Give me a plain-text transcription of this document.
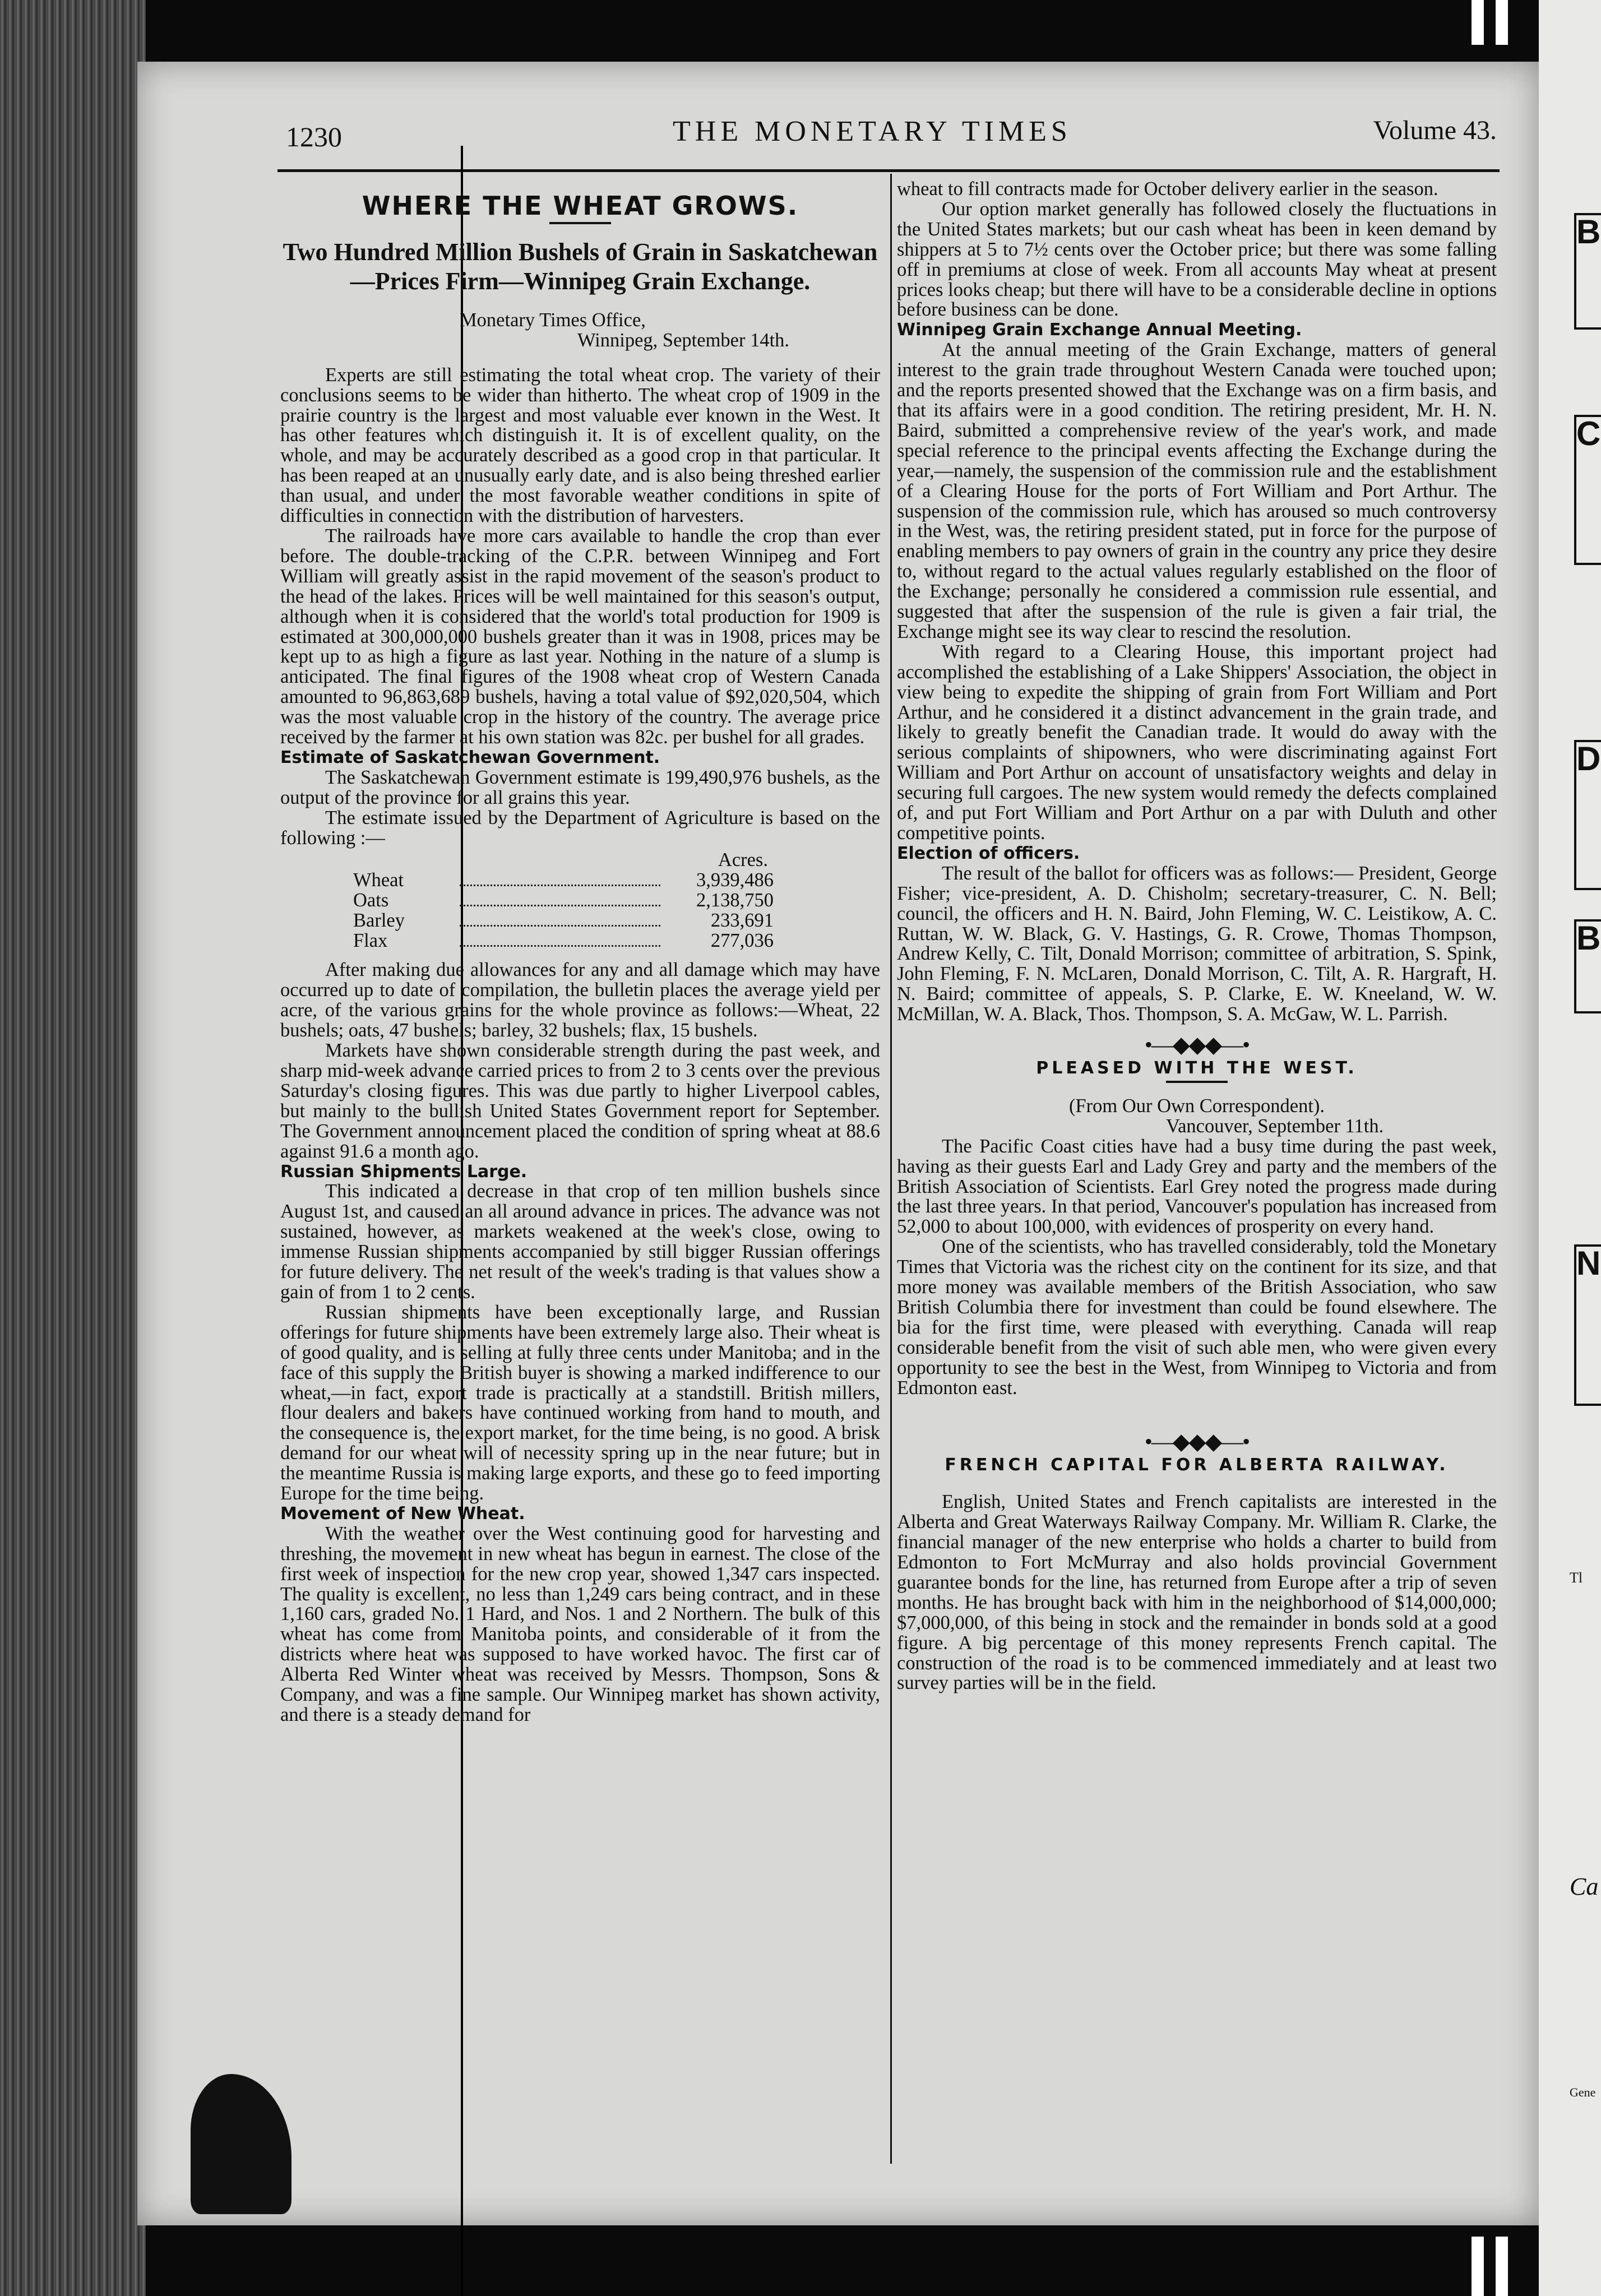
B
C
D
B
N
Tl
Ca
Gene
1230	THE MONETARY TIMES	Volume 43.
WHERE THE WHEAT GROWS.
Two Hundred Million Bushels of Grain in Saskatchewan —Prices Firm—Winnipeg Grain Exchange.

Monetary Times Office,

Winnipeg, September 14th.

Experts are still estimating the total wheat crop. The variety of their conclusions seems to be wider than hitherto. The wheat crop of 1909 in the prairie country is the largest and most valuable ever known in the West. It has other features which distinguish it. It is of excellent quality, on the whole, and may be accurately described as a good crop in that particular. It has been reaped at an unusually early date, and is also being threshed earlier than usual, and under the most favorable weather conditions in spite of difficulties in connection with the distribution of harvesters.

The railroads have more cars available to handle the crop than ever before. The double-tracking of the C.P.R. between Winnipeg and Fort William will greatly assist in the rapid movement of the season's product to the head of the lakes. Prices will be well maintained for this season's output, although when it is considered that the world's total production for 1909 is estimated at 300,000,000 bushels greater than it was in 1908, prices may be kept up to as high a figure as last year. Nothing in the nature of a slump is anticipated. The final figures of the 1908 wheat crop of Western Canada amounted to 96,863,689 bushels, having a total value of $92,020,504, which was the most valuable crop in the history of the country. The average price received by the farmer at his own station was 82c. per bushel for all grades.

Estimate of Saskatchewan Government.

The Saskatchewan Government estimate is 199,490,976 bushels, as the output of the province for all grains this year.

The estimate issued by the Department of Agriculture is based on the following :—

Acres.
Wheat	3,939,486
Oats	2,138,750
Barley	233,691
Flax	277,036

After making due allowances for any and all damage which may have occurred up to date of compilation, the bulletin places the average yield per acre, of the various grains for the whole province as follows:—Wheat, 22 bushels; oats, 47 bushels; barley, 32 bushels; flax, 15 bushels.

Markets have shown considerable strength during the past week, and sharp mid-week advance carried prices to from 2 to 3 cents over the previous Saturday's closing figures. This was due partly to higher Liverpool cables, but mainly to the bullish United States Government report for September. The Government announcement placed the condition of spring wheat at 88.6 against 91.6 a month ago.

Russian Shipments Large.

This indicated a decrease in that crop of ten million bushels since August 1st, and caused an all around advance in prices. The advance was not sustained, however, as markets weakened at the week's close, owing to immense Russian shipments accompanied by still bigger Russian offerings for future delivery. The net result of the week's trading is that values show a gain of from 1 to 2 cents.

Russian shipments have been exceptionally large, and Russian offerings for future shipments have been extremely large also. Their wheat is of good quality, and is selling at fully three cents under Manitoba; and in the face of this supply the British buyer is showing a marked indifference to our wheat,—in fact, export trade is practically at a standstill. British millers, flour dealers and bakers have continued working from hand to mouth, and the consequence is, the export market, for the time being, is no good. A brisk demand for our wheat will of necessity spring up in the near future; but in the meantime Russia is making large exports, and these go to feed importing Europe for the time being.

Movement of New Wheat.

With the weather over the West continuing good for harvesting and threshing, the movement in new wheat has begun in earnest. The close of the first week of inspection for the new crop year, showed 1,347 cars inspected. The quality is excellent, no less than 1,249 cars being contract, and in these 1,160 cars, graded No. 1 Hard, and Nos. 1 and 2 Northern. The bulk of this wheat has come from Manitoba points, and considerable of it from the districts where heat was supposed to have worked havoc. The first car of Alberta Red Winter wheat was received by Messrs. Thompson, Sons & Company, and was a fine sample. Our Winnipeg market has shown activity, and there is a steady demand for

wheat to fill contracts made for October delivery earlier in the season.

Our option market generally has followed closely the fluctuations in the United States markets; but our cash wheat has been in keen demand by shippers at 5 to 7½ cents over the October price; but there was some falling off in premiums at close of week. From all accounts May wheat at present prices looks cheap; but there will have to be a considerable decline in options before business can be done.

Winnipeg Grain Exchange Annual Meeting.

At the annual meeting of the Grain Exchange, matters of general interest to the grain trade throughout Western Canada were touched upon; and the reports presented showed that the Exchange was on a firm basis, and that its affairs were in a good condition. The retiring president, Mr. H. N. Baird, submitted a comprehensive review of the year's work, and made special reference to the principal events affecting the Exchange during the year,—namely, the suspension of the commission rule and the establishment of a Clearing House for the ports of Fort William and Port Arthur. The suspension of the commission rule, which has aroused so much controversy in the West, was, the retiring president stated, put in force for the purpose of enabling members to pay owners of grain in the country any price they desire to, without regard to the actual values regularly established on the floor of the Exchange; personally he considered a commission rule essential, and suggested that after the suspension of the rule is given a fair trial, the Exchange might see its way clear to rescind the resolution.

With regard to a Clearing House, this important project had accomplished the establishing of a Lake Shippers' Association, the object in view being to expedite the shipping of grain from Fort William and Port Arthur, and he considered it a distinct advancement in the grain trade, and likely to greatly benefit the Canadian trade. It would do away with the serious complaints of shipowners, who were discriminating against Fort William and Port Arthur on account of unsatisfactory weights and delay in securing full cargoes. The new system would remedy the defects complained of, and put Fort William and Port Arthur on a par with Duluth and other competitive points.

Election of officers.

The result of the ballot for officers was as follows:— President, George Fisher; vice-president, A. D. Chisholm; secretary-treasurer, C. N. Bell; council, the officers and H. N. Baird, John Fleming, W. C. Leistikow, A. C. Ruttan, W. W. Black, G. V. Hastings, G. R. Crowe, Thomas Thompson, Andrew Kelly, C. Tilt, Donald Morrison; committee of arbitration, S. Spink, John Fleming, F. N. McLaren, Donald Morrison, C. Tilt, A. R. Hargraft, H. N. Baird; committee of appeals, S. P. Clarke, E. W. Kneeland, W. W. McMillan, W. A. Black, Thos. Thompson, S. A. McGaw, W. L. Parrish.

•—◆◆◆—•
PLEASED WITH THE WEST.

(From Our Own Correspondent).

Vancouver, September 11th.

The Pacific Coast cities have had a busy time during the past week, having as their guests Earl and Lady Grey and party and the members of the British Association of Scientists. Earl Grey noted the progress made during the last three years. In that period, Vancouver's population has increased from 52,000 to about 100,000, with evidences of prosperity on every hand.

One of the scientists, who has travelled considerably, told the Monetary Times that Victoria was the richest city on the continent for its size, and that more money was available members of the British Association, who saw British Columbia there for investment than could be found elsewhere. The bia for the first time, were pleased with everything. Canada will reap considerable benefit from the visit of such able men, who were given every opportunity to see the best in the West, from Winnipeg to Victoria and from Edmonton east.

•—◆◆◆—•
FRENCH CAPITAL FOR ALBERTA RAILWAY.

English, United States and French capitalists are interested in the Alberta and Great Waterways Railway Company. Mr. William R. Clarke, the financial manager of the new enterprise who holds a charter to build from Edmonton to Fort McMurray and also holds provincial Government guarantee bonds for the line, has returned from Europe after a trip of seven months. He has brought back with him in the neighborhood of $14,000,000; $7,000,000, of this being in stock and the remainder in bonds sold at a good figure. A big percentage of this money represents French capital. The construction of the road is to be commenced immediately and at least two survey parties will be in the field.
